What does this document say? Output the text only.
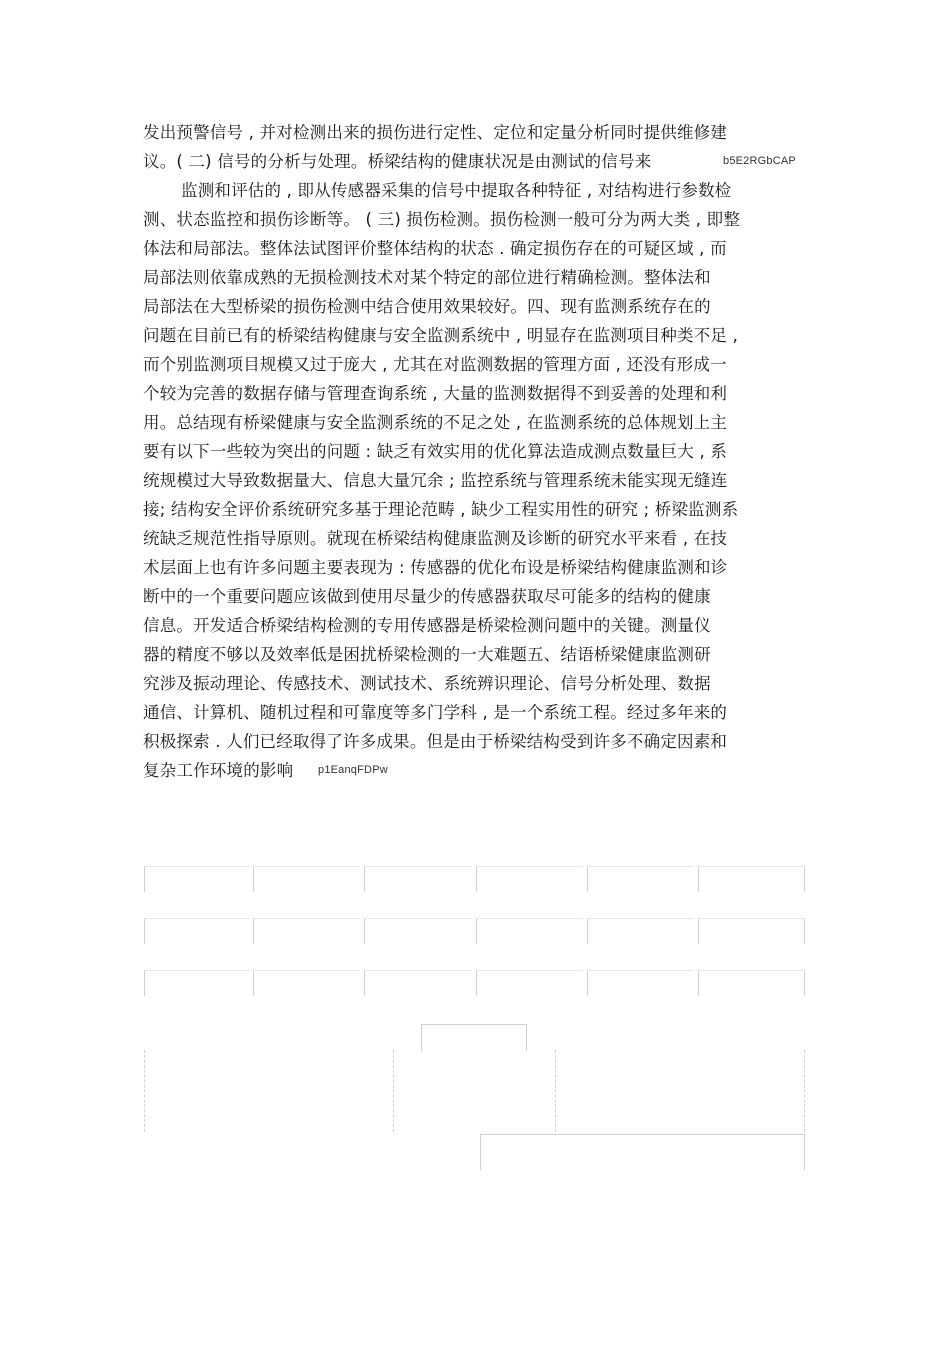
发出预警信号 , 并对检测出来的损伤进行定性、定位和定量分析同时提供维修建
议。( 二) 信号的分析与处理。桥梁结构的健康状况是由测试的信号来	b5E2RGbCAP
监测和评估的 , 即从传感器采集的信号中提取各种特征 , 对结构进行参数检
测、状态监控和损伤诊断等。 ( 三) 损伤检测。损伤检测一般可分为两大类 , 即整
体法和局部法。整体法试图评价整体结构的状态 . 确定损伤存在的可疑区域 , 而
局部法则依靠成熟的无损检测技术对某个特定的部位进行精确检测。整体法和
局部法在大型桥梁的损伤检测中结合使用效果较好。四、现有监测系统存在的
问题在目前已有的桥梁结构健康与安全监测系统中 , 明显存在监测项目种类不足 ,
而个别监测项目规模又过于庞大 , 尤其在对监测数据的管理方面 , 还没有形成一
个较为完善的数据存储与管理查询系统 , 大量的监测数据得不到妥善的处理和利
用。总结现有桥梁健康与安全监测系统的不足之处 , 在监测系统的总体规划上主
要有以下一些较为突出的问题 : 缺乏有效实用的优化算法造成测点数量巨大 , 系
统规模过大导致数据量大、信息大量冗余 ; 监控系统与管理系统未能实现无缝连
接; 结构安全评价系统研究多基于理论范畴 , 缺少工程实用性的研究 ; 桥梁监测系
统缺乏规范性指导原则。就现在桥梁结构健康监测及诊断的研究水平来看 , 在技
术层面上也有许多问题主要表现为 : 传感器的优化布设是桥梁结构健康监测和诊
断中的一个重要问题应该做到使用尽量少的传感器获取尽可能多的结构的健康
信息。开发适合桥梁结构检测的专用传感器是桥梁检测问题中的关键。测量仪
器的精度不够以及效率低是困扰桥梁检测的一大难题五、结语桥梁健康监测研
究涉及振动理论、传感技术、测试技术、系统辨识理论、信号分析处理、数据
通信、计算机、随机过程和可靠度等多门学科 , 是一个系统工程。经过多年来的
积极探索 . 人们已经取得了许多成果。但是由于桥梁结构受到许多不确定因素和
复杂工作环境的影响 p1EanqFDPw
